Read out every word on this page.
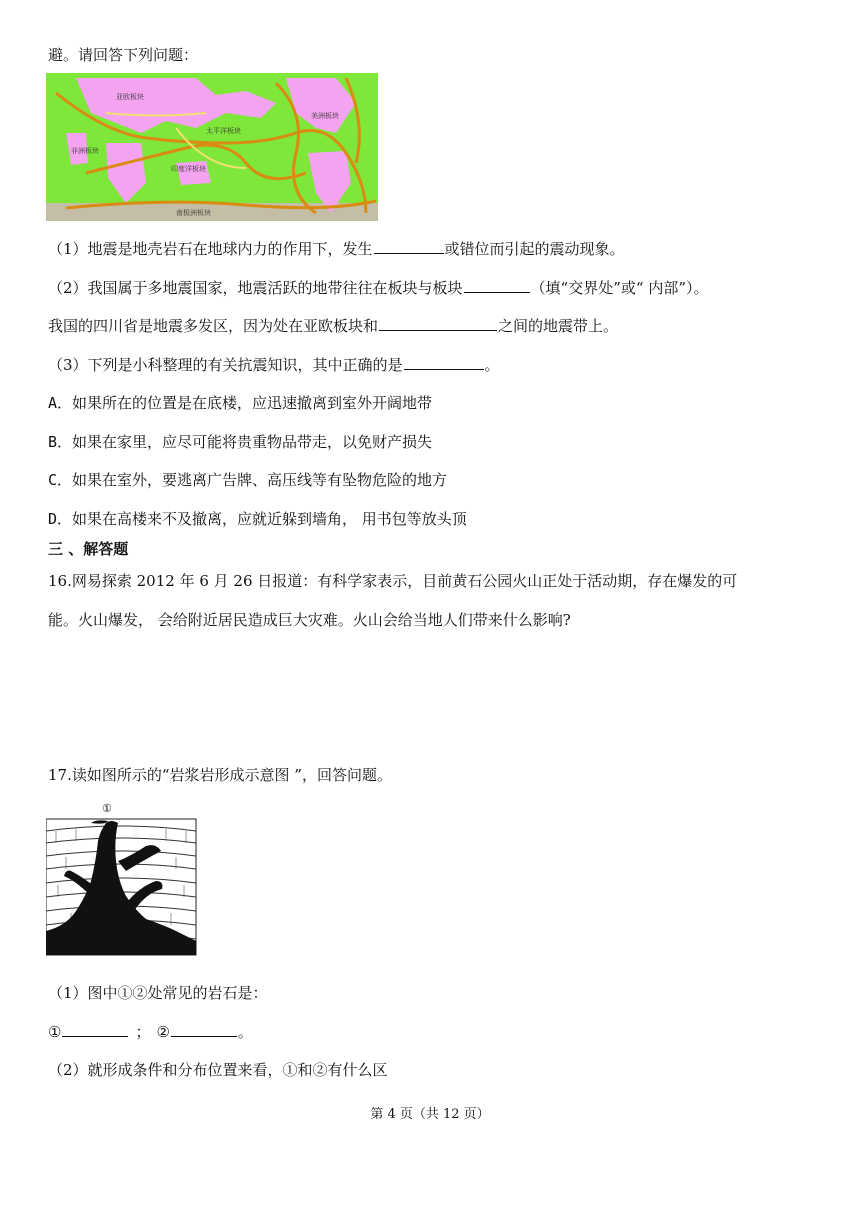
避。请回答下列问题：
亚欧板块
太平洋板块
印度洋板块
南极洲板块
非洲板块
美洲板块
（1）地震是地壳岩石在地球内力的作用下，发生	或错位而引起的震动现象。
（2）我国属于多地震国家，地震活跃的地带往往在板块与板块	（填“交界处”或“ 内部”）。
我国的四川省是地震多发区，因为处在亚欧板块和	之间的地震带上。
（3）下列是小科整理的有关抗震知识，其中正确的是	。
A．如果所在的位置是在底楼，应迅速撤离到室外开阔地带
B．如果在家里，应尽可能将贵重物品带走，以免财产损失
C．如果在室外，要逃离广告牌、高压线等有坠物危险的地方
D．如果在高楼来不及撤离，应就近躲到墙角， 用书包等放头顶
三 、解答题
16.网易探索 2012 年 6 月 26 日报道：有科学家表示，目前黄石公园火山正处于活动期，存在爆发的可
能。火山爆发， 会给附近居民造成巨大灾难。火山会给当地人们带来什么影响?
17.读如图所示的“岩浆岩形成示意图 ”，回答问题。
①
（1）图中①②处常见的岩石是：
①	； ②	。
（2）就形成条件和分布位置来看，①和②有什么区
第 4 页（共 12 页）
